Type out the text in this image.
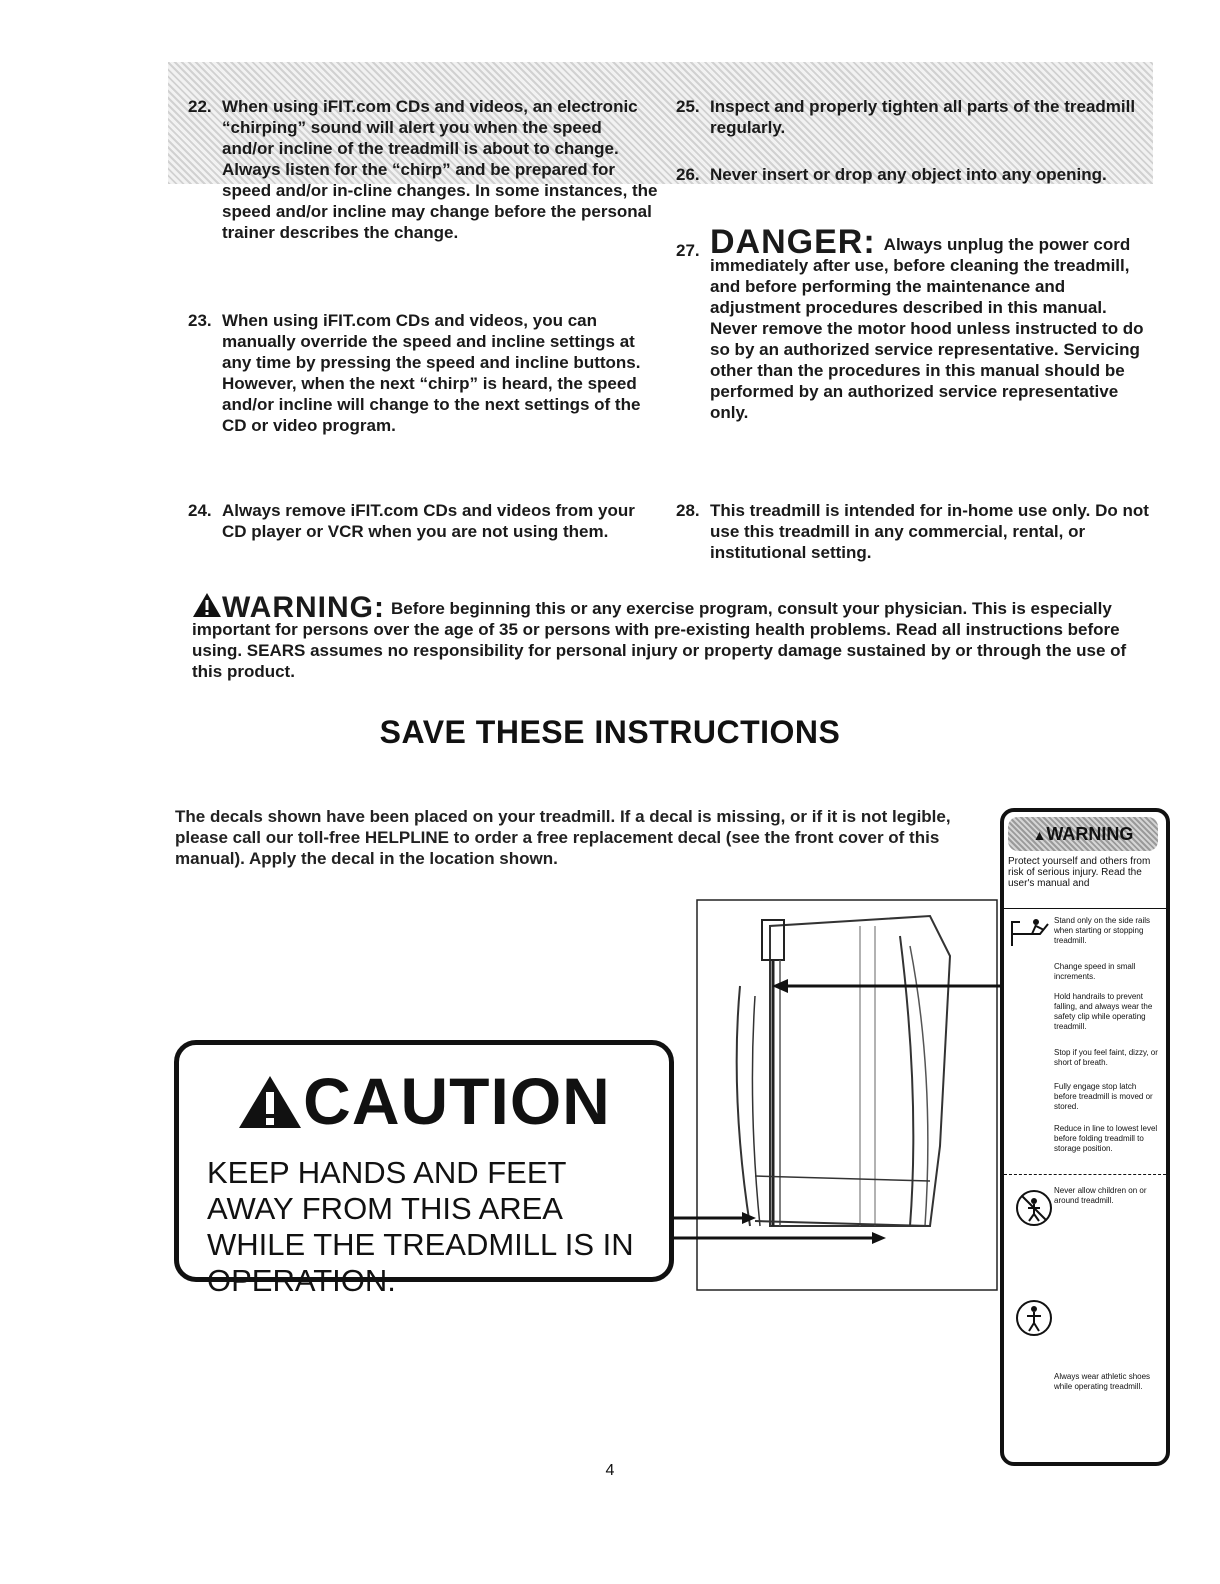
22. When using iFIT.com CDs and videos, an electronic “chirping” sound will alert you when the speed and/or incline of the treadmill is about to change. Always listen for the “chirp” and be prepared for speed and/or in-cline changes. In some instances, the speed and/or incline may change before the personal trainer describes the change.
23. When using iFIT.com CDs and videos, you can manually override the speed and incline settings at any time by pressing the speed and incline buttons. However, when the next “chirp” is heard, the speed and/or incline will change to the next settings of the CD or video program.
24. Always remove iFIT.com CDs and videos from your CD player or VCR when you are not using them.
25. Inspect and properly tighten all parts of the treadmill regularly.
26. Never insert or drop any object into any opening.
27. DANGER: Always unplug the power cord immediately after use, before cleaning the treadmill, and before performing the maintenance and adjustment procedures described in this manual. Never remove the motor hood unless instructed to do so by an authorized service representative. Servicing other than the procedures in this manual should be performed by an authorized service representative only.
28. This treadmill is intended for in-home use only. Do not use this treadmill in any commercial, rental, or institutional setting.
WARNING: Before beginning this or any exercise program, consult your physician. This is especially important for persons over the age of 35 or persons with pre-existing health problems. Read all instructions before using. SEARS assumes no responsibility for personal injury or property damage sustained by or through the use of this product.
SAVE THESE INSTRUCTIONS
The decals shown have been placed on your treadmill. If a decal is missing, or if it is not legible, please call our toll-free HELPLINE to order a free replacement decal (see the front cover of this manual). Apply the decal in the location shown.
CAUTION
KEEP HANDS AND FEET AWAY FROM THIS AREA WHILE THE TREADMILL IS IN OPERATION.
▲WARNING
Protect yourself and others from risk of serious injury. Read the user's manual and
Stand only on the side rails when starting or stopping treadmill.
Change speed in small increments.
Hold handrails to prevent falling, and always wear the safety clip while operating treadmill.
Stop if you feel faint, dizzy, or short of breath.
Fully engage stop latch before treadmill is moved or stored.
Reduce in line to lowest level before folding treadmill to storage position.
Never allow children on or around treadmill.
Always wear athletic shoes while operating treadmill.
4
